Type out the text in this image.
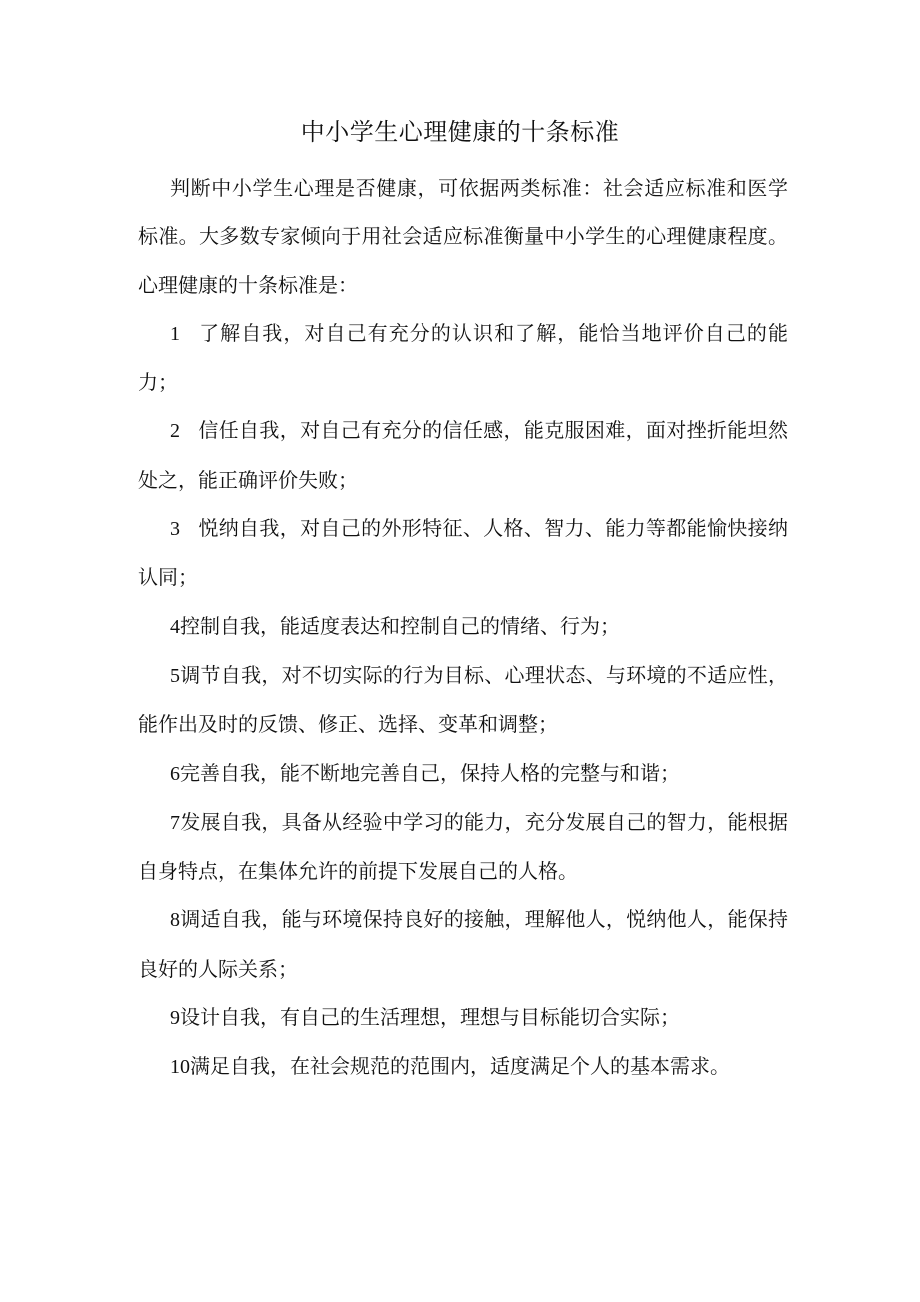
中小学生心理健康的十条标准

判断中小学生心理是否健康，可依据两类标准：社会适应标准和医学标准。大多数专家倾向于用社会适应标准衡量中小学生的心理健康程度。心理健康的十条标准是：

1 了解自我，对自己有充分的认识和了解，能恰当地评价自己的能力；

2 信任自我，对自己有充分的信任感，能克服困难，面对挫折能坦然处之，能正确评价失败；

3 悦纳自我，对自己的外形特征、人格、智力、能力等都能愉快接纳认同；

4控制自我，能适度表达和控制自己的情绪、行为；

5调节自我，对不切实际的行为目标、心理状态、与环境的不适应性，能作出及时的反馈、修正、选择、变革和调整；

6完善自我，能不断地完善自己，保持人格的完整与和谐；

7发展自我，具备从经验中学习的能力，充分发展自己的智力，能根据自身特点，在集体允许的前提下发展自己的人格。

8调适自我，能与环境保持良好的接触，理解他人，悦纳他人，能保持良好的人际关系；

9设计自我，有自己的生活理想，理想与目标能切合实际；

10满足自我，在社会规范的范围内，适度满足个人的基本需求。
